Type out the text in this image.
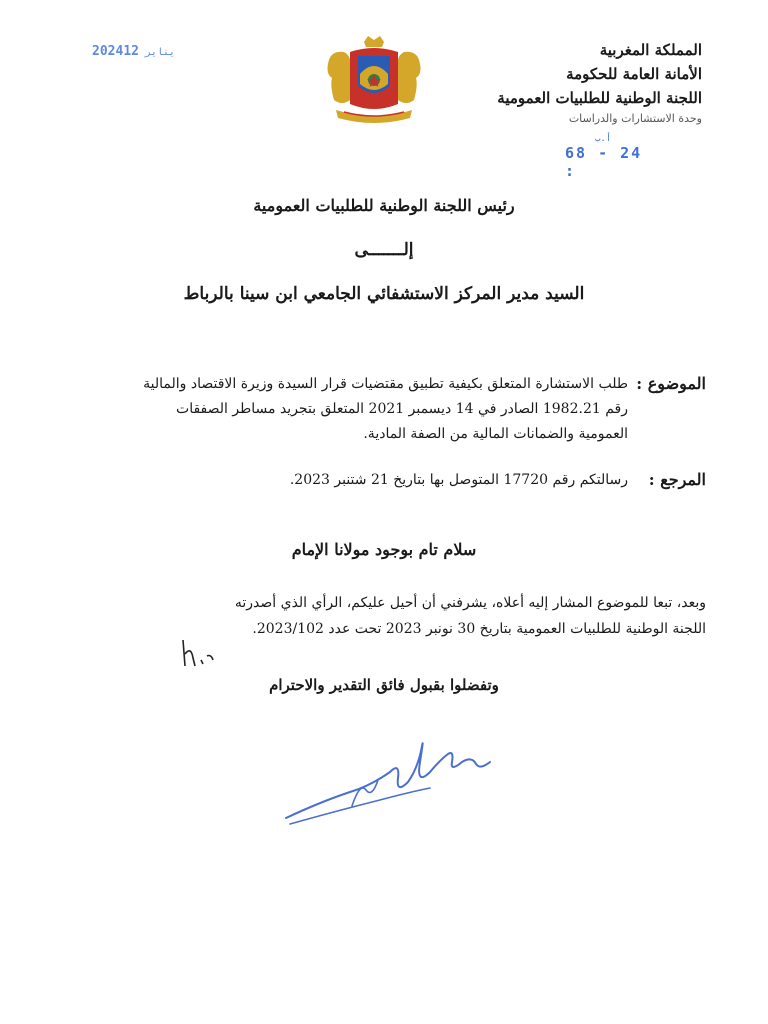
2024 يناير12	المملكة المغربية
الأمانة العامة للحكومة
اللجنة الوطنية للطلبيات العمومية
وحدة الاستشارات والدراسات
أ.ب
68 - 24 :
رئيس اللجنة الوطنية للطلبيات العمومية
إلـــــــى
السيد مدير المركز الاستشفائي الجامعي ابن سينا بالرباط
الموضوع :
طلب الاستشارة المتعلق بكيفية تطبيق مقتضيات قرار السيدة وزيرة الاقتصاد والمالية
رقم 1982.21 الصادر في 14 ديسمبر 2021 المتعلق بتجريد مساطر الصفقات
العمومية والضمانات المالية من الصفة المادية.
المرجع :
رسالتكم رقم 17720 المتوصل بها بتاريخ 21 شتنبر 2023.
سلام تام بوجود مولانا الإمام
وبعد، تبعا للموضوع المشار إليه أعلاه، يشرفني أن أحيل عليكم، الرأي الذي أصدرته
اللجنة الوطنية للطلبيات العمومية بتاريخ 30 نونبر 2023 تحت عدد 2023/102.
وتفضلوا بقبول فائق التقدير والاحترام
